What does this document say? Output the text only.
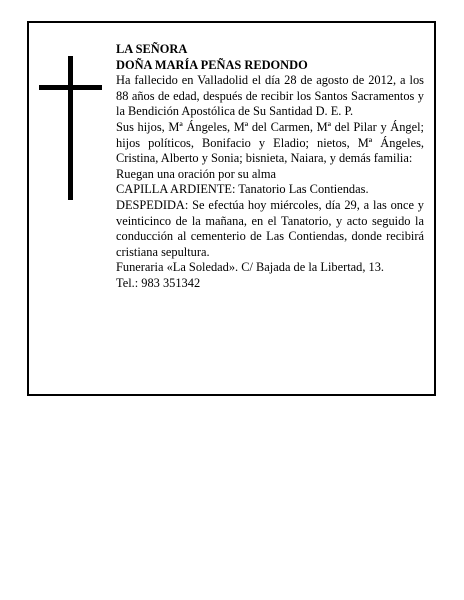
LA SEÑORA

DOÑA MARÍA PEÑAS REDONDO

Ha fallecido en Valladolid el día 28 de agosto de 2012, a los 88 años de edad, después de recibir los Santos Sacramentos y la Bendición Apostólica de Su Santidad D. E. P.

Sus hijos, Mª Ángeles, Mª del Carmen, Mª del Pilar y Ángel; hijos políticos, Bonifacio y Eladio; nietos, Mª Ángeles, Cristina, Alberto y Sonia; bisnieta, Naiara, y demás familia:

Ruegan una oración por su alma

CAPILLA ARDIENTE: Tanatorio Las Contiendas.

DESPEDIDA: Se efectúa hoy miércoles, día 29, a las once y veinticinco de la mañana, en el Tanatorio, y acto seguido la conducción al cementerio de Las Contiendas, donde recibirá cristiana sepultura.

Funeraria «La Soledad». C/ Bajada de la Libertad, 13.

Tel.: 983 351342
